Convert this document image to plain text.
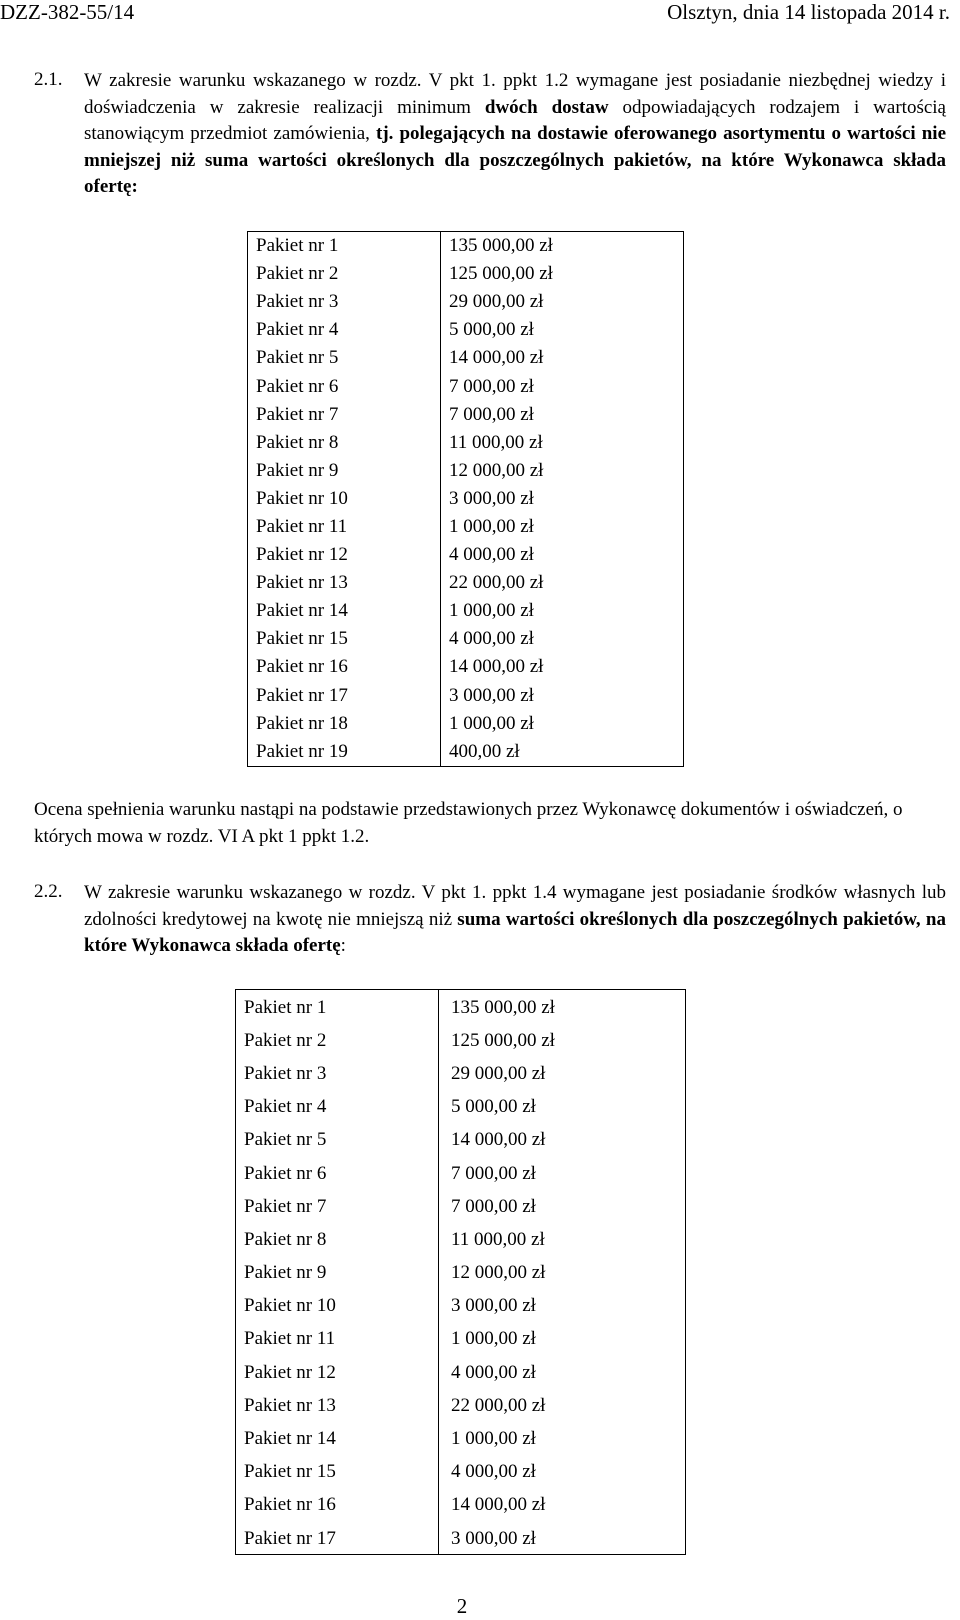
DZZ-382-55/14	Olsztyn, dnia 14 listopada 2014 r.
2.1. W zakresie warunku wskazanego w rozdz. V pkt 1. ppkt 1.2 wymagane jest posiadanie niezbędnej wiedzy i doświadczenia w zakresie realizacji minimum dwóch dostaw odpowiadających rodzajem i wartością stanowiącym przedmiot zamówienia, tj. polegających na dostawie oferowanego asortymentu o wartości nie mniejszej niż suma wartości określonych dla poszczególnych pakietów, na które Wykonawca składa ofertę:
Pakiet nr 1	135 000,00 zł
Pakiet nr 2	125 000,00 zł
Pakiet nr 3	29 000,00 zł
Pakiet nr 4	5 000,00 zł
Pakiet nr 5	14 000,00 zł
Pakiet nr 6	7 000,00 zł
Pakiet nr 7	7 000,00 zł
Pakiet nr 8	11 000,00 zł
Pakiet nr 9	12 000,00 zł
Pakiet nr 10	3 000,00 zł
Pakiet nr 11	1 000,00 zł
Pakiet nr 12	4 000,00 zł
Pakiet nr 13	22 000,00 zł
Pakiet nr 14	1 000,00 zł
Pakiet nr 15	4 000,00 zł
Pakiet nr 16	14 000,00 zł
Pakiet nr 17	3 000,00 zł
Pakiet nr 18	1 000,00 zł
Pakiet nr 19	400,00 zł
Ocena spełnienia warunku nastąpi na podstawie przedstawionych przez Wykonawcę dokumentów i oświadczeń, o których mowa w rozdz. VI A pkt 1 ppkt 1.2.
2.2. W zakresie warunku wskazanego w rozdz. V pkt 1. ppkt 1.4 wymagane jest posiadanie środków własnych lub zdolności kredytowej na kwotę nie mniejszą niż suma wartości określonych dla poszczególnych pakietów, na które Wykonawca składa ofertę:
Pakiet nr 1	135 000,00 zł
Pakiet nr 2	125 000,00 zł
Pakiet nr 3	29 000,00 zł
Pakiet nr 4	5 000,00 zł
Pakiet nr 5	14 000,00 zł
Pakiet nr 6	7 000,00 zł
Pakiet nr 7	7 000,00 zł
Pakiet nr 8	11 000,00 zł
Pakiet nr 9	12 000,00 zł
Pakiet nr 10	3 000,00 zł
Pakiet nr 11	1 000,00 zł
Pakiet nr 12	4 000,00 zł
Pakiet nr 13	22 000,00 zł
Pakiet nr 14	1 000,00 zł
Pakiet nr 15	4 000,00 zł
Pakiet nr 16	14 000,00 zł
Pakiet nr 17	3 000,00 zł
2
